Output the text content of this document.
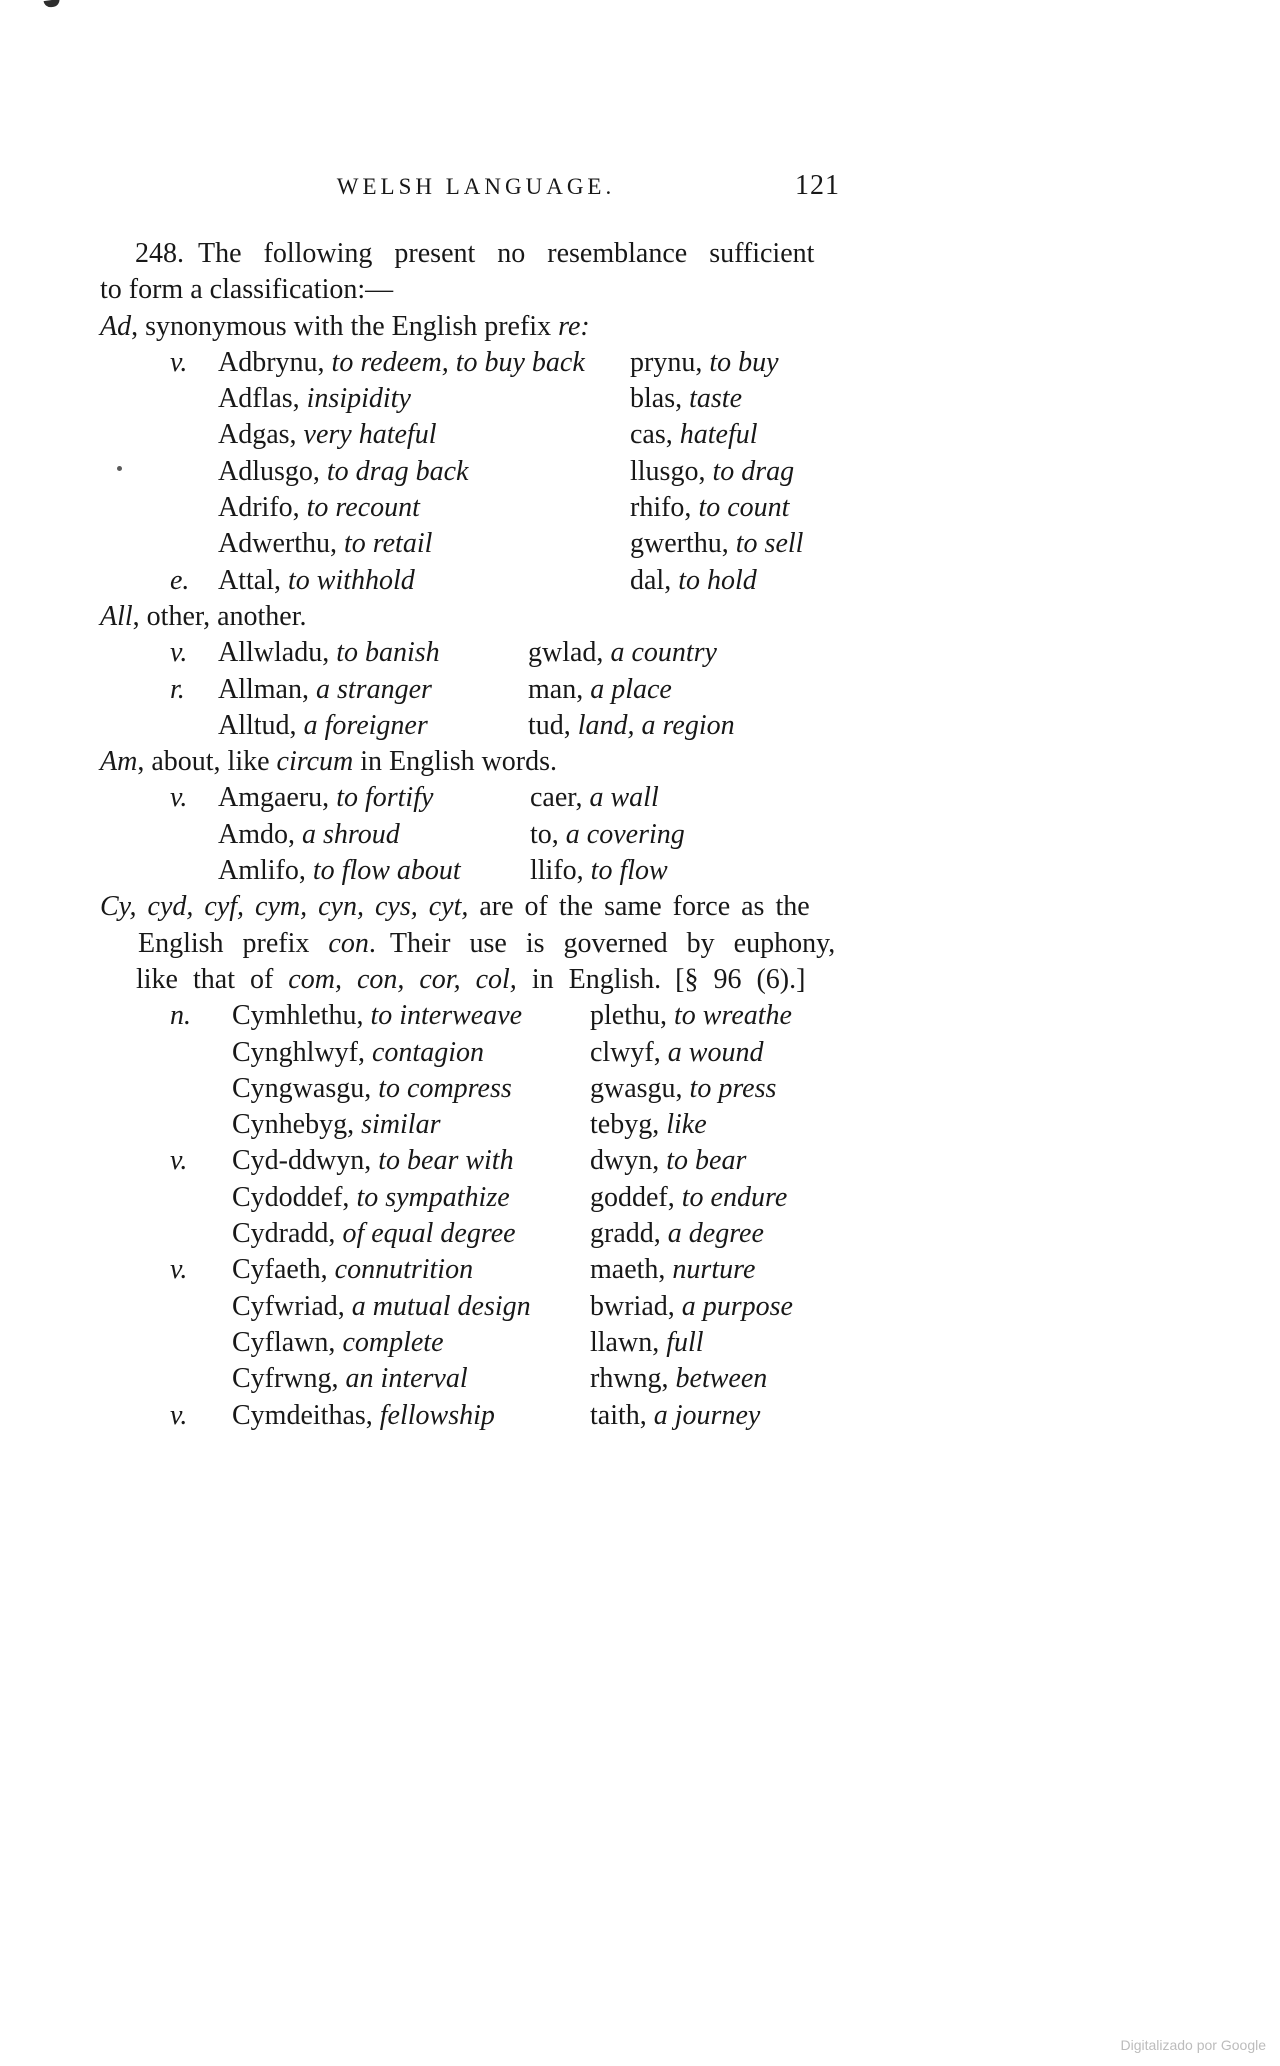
WELSH LANGUAGE.	121
248. The following present no resemblance sufficient
to form a classification:—
Ad, synonymous with the English prefix re:
v.	Adbrynu, to redeem, to buy back	prynu, to buy
Adflas, insipidity	blas, taste
Adgas, very hateful	cas, hateful
Adlusgo, to drag back	llusgo, to drag
Adrifo, to recount	rhifo, to count
Adwerthu, to retail	gwerthu, to sell
e.	Attal, to withhold	dal, to hold
All, other, another.
v.	Allwladu, to banish	gwlad, a country
r.	Allman, a stranger	man, a place
Alltud, a foreigner	tud, land, a region
Am, about, like circum in English words.
v.	Amgaeru, to fortify	caer, a wall
Amdo, a shroud	to, a covering
Amlifo, to flow about	llifo, to flow
Cy, cyd, cyf, cym, cyn, cys, cyt, are of the same force as the
English prefix con. Their use is governed by euphony,
like that of com, con, cor, col, in English. [§ 96 (6).]
n.	Cymhlethu, to interweave	plethu, to wreathe
Cynghlwyf, contagion	clwyf, a wound
Cyngwasgu, to compress	gwasgu, to press
Cynhebyg, similar	tebyg, like
v.	Cyd-ddwyn, to bear with	dwyn, to bear
Cydoddef, to sympathize	goddef, to endure
Cydradd, of equal degree	gradd, a degree
v.	Cyfaeth, connutrition	maeth, nurture
Cyfwriad, a mutual design	bwriad, a purpose
Cyflawn, complete	llawn, full
Cyfrwng, an interval	rhwng, between
v.	Cymdeithas, fellowship	taith, a journey
Digitalizado por Google
